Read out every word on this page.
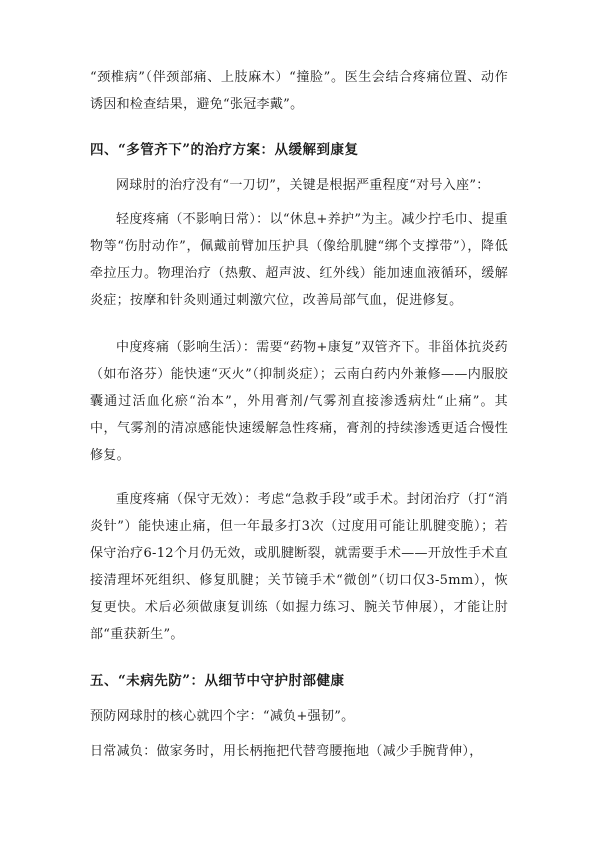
“颈椎病”（伴颈部痛、上肢麻木）“撞脸”。医生会结合疼痛位置、动作诱因和检查结果，避免“张冠李戴”。

四、“多管齐下”的治疗方案：从缓解到康复

网球肘的治疗没有“一刀切”，关键是根据严重程度“对号入座”：

轻度疼痛（不影响日常）：以“休息+养护”为主。减少拧毛巾、提重物等“伤肘动作”，佩戴前臂加压护具（像给肌腱“绑个支撑带”），降低牵拉压力。物理治疗（热敷、超声波、红外线）能加速血液循环，缓解炎症；按摩和针灸则通过刺激穴位，改善局部气血，促进修复。

中度疼痛（影响生活）：需要“药物+康复”双管齐下。非甾体抗炎药（如布洛芬）能快速“灭火”（抑制炎症）；云南白药内外兼修——内服胶囊通过活血化瘀“治本”，外用膏剂/气雾剂直接渗透病灶“止痛”。其中，气雾剂的清凉感能快速缓解急性疼痛，膏剂的持续渗透更适合慢性修复。

重度疼痛（保守无效）：考虑“急救手段”或手术。封闭治疗（打“消炎针”）能快速止痛，但一年最多打3次（过度用可能让肌腱变脆）；若保守治疗6-12个月仍无效，或肌腱断裂，就需要手术——开放性手术直接清理坏死组织、修复肌腱；关节镜手术“微创”（切口仅3-5mm），恢复更快。术后必须做康复训练（如握力练习、腕关节伸展），才能让肘部“重获新生”。

五、“未病先防”：从细节中守护肘部健康

预防网球肘的核心就四个字：“减负+强韧”。

日常减负：做家务时，用长柄拖把代替弯腰拖地（减少手腕背伸），
